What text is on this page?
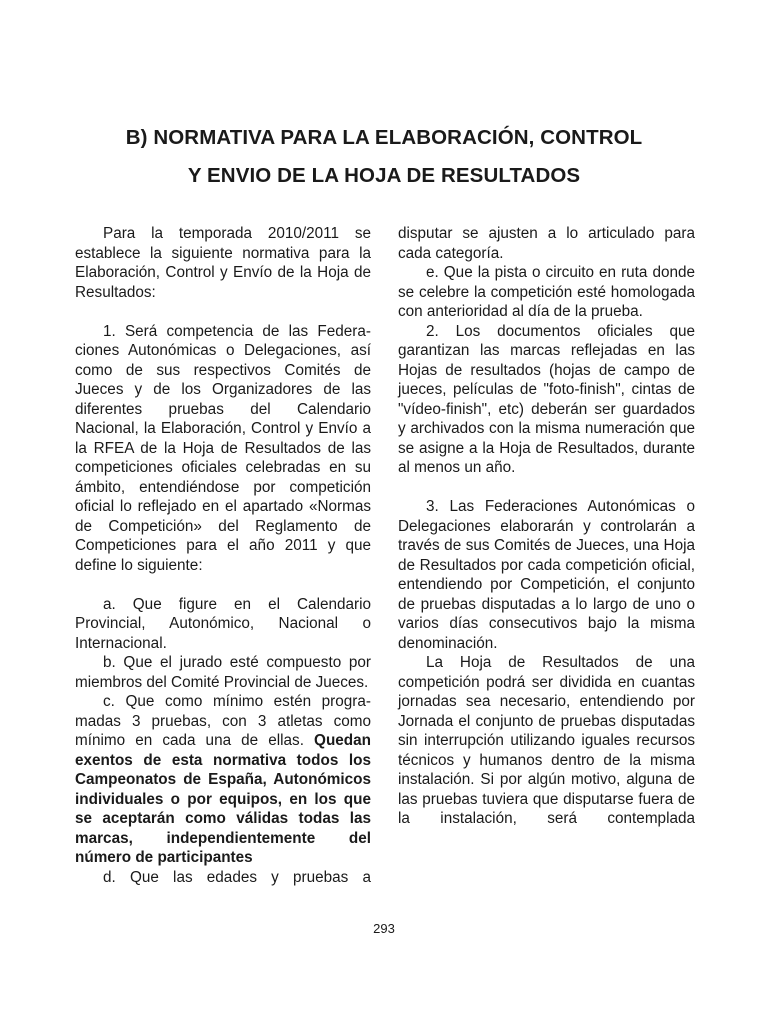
B) NORMATIVA PARA LA ELABORACIÓN, CONTROL
Y ENVIO DE LA HOJA DE RESULTADOS

Para la temporada 2010/2011 se establece la siguiente normativa para la Elaboración, Control y Envío de la Hoja de Resultados:

1. Será competencia de las Federaciones Autonómicas o Delegaciones, así como de sus respectivos Comités de Jueces y de los Organizadores de las diferentes pruebas del Calendario Nacional, la Elaboración, Control y Envío a la RFEA de la Hoja de Resultados de las competiciones oficiales celebradas en su ámbito, entendiéndose por competición oficial lo reflejado en el apartado «Normas de Competición» del Reglamento de Competiciones para el año 2011 y que define lo siguiente:

a. Que figure en el Calendario Provincial, Autonómico, Nacional o Internacional.

b. Que el jurado esté compuesto por miembros del Comité Provincial de Jueces.

c. Que como mínimo estén programadas 3 pruebas, con 3 atletas como mínimo en cada una de ellas. Quedan exentos de esta normativa todos los Campeonatos de España, Autonómicos individuales o por equipos, en los que se aceptarán como válidas todas las marcas, independientemente del número de participantes

d. Que las edades y pruebas a

disputar se ajusten a lo articulado para cada categoría.

e. Que la pista o circuito en ruta donde se celebre la competición esté homologada con anterioridad al día de la prueba.

2. Los documentos oficiales que garantizan las marcas reflejadas en las Hojas de resultados (hojas de campo de jueces, películas de "foto-finish", cintas de "vídeo-finish", etc) deberán ser guardados y archivados con la misma numeración que se asigne a la Hoja de Resultados, durante al menos un año.

3. Las Federaciones Autonómicas o Delegaciones elaborarán y controlarán a través de sus Comités de Jueces, una Hoja de Resultados por cada competición oficial, entendiendo por Competición, el conjunto de pruebas disputadas a lo largo de uno o varios días consecutivos bajo la misma denominación.

La Hoja de Resultados de una competición podrá ser dividida en cuantas jornadas sea necesario, entendiendo por Jornada el conjunto de pruebas disputadas sin interrupción utilizando iguales recursos técnicos y humanos dentro de la misma instalación. Si por algún motivo, alguna de las pruebas tuviera que disputarse fuera de la instalación, será contemplada

293
